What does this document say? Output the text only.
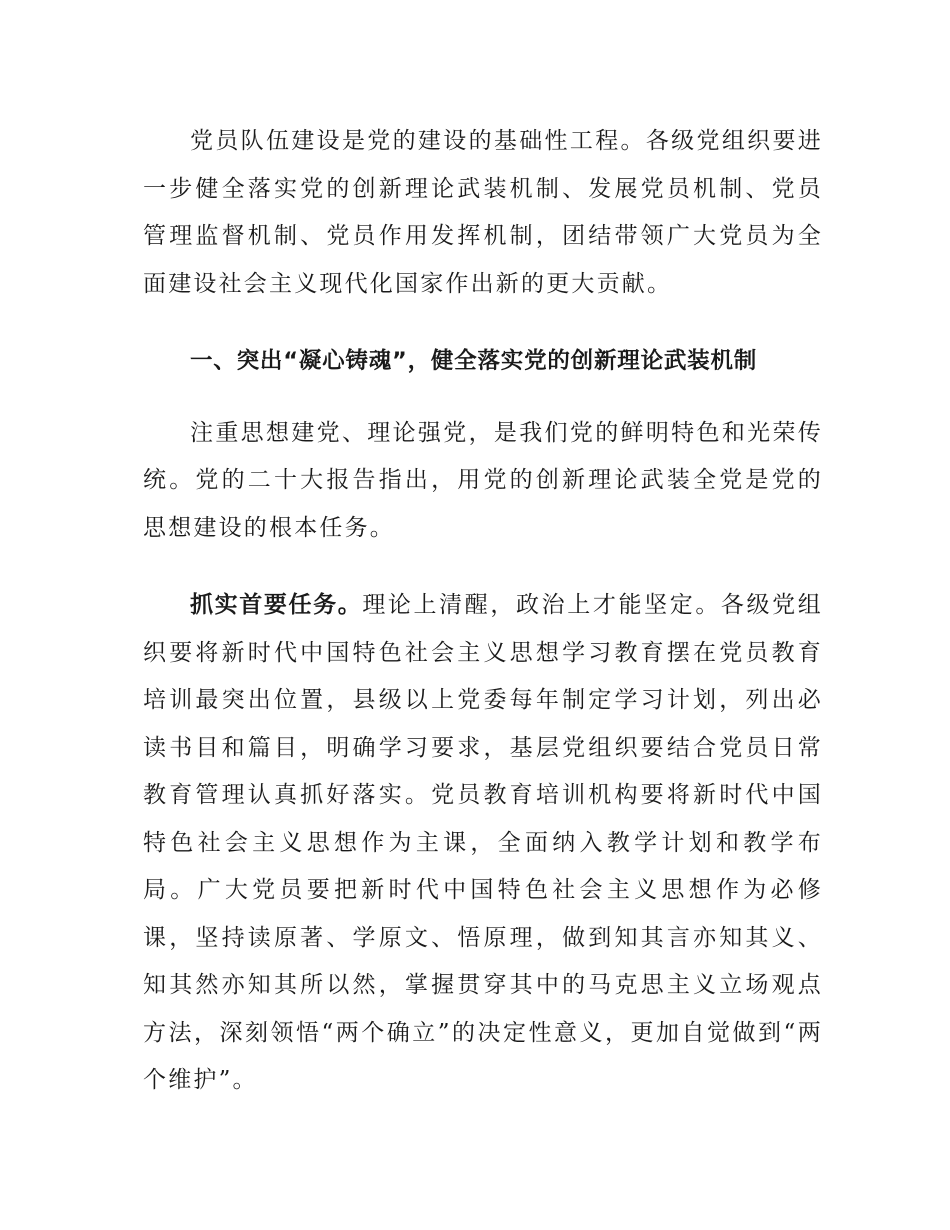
党员队伍建设是党的建设的基础性工程。各级党组织要进一步健全落实党的创新理论武装机制、发展党员机制、党员管理监督机制、党员作用发挥机制，团结带领广大党员为全面建设社会主义现代化国家作出新的更大贡献。

一、突出“凝心铸魂”，健全落实党的创新理论武装机制

注重思想建党、理论强党，是我们党的鲜明特色和光荣传统。党的二十大报告指出，用党的创新理论武装全党是党的思想建设的根本任务。

抓实首要任务。理论上清醒，政治上才能坚定。各级党组织要将新时代中国特色社会主义思想学习教育摆在党员教育培训最突出位置，县级以上党委每年制定学习计划，列出必读书目和篇目，明确学习要求，基层党组织要结合党员日常教育管理认真抓好落实。党员教育培训机构要将新时代中国特色社会主义思想作为主课，全面纳入教学计划和教学布局。广大党员要把新时代中国特色社会主义思想作为必修课，坚持读原著、学原文、悟原理，做到知其言亦知其义、知其然亦知其所以然，掌握贯穿其中的马克思主义立场观点方法，深刻领悟“两个确立”的决定性意义，更加自觉做到“两个维护”。
